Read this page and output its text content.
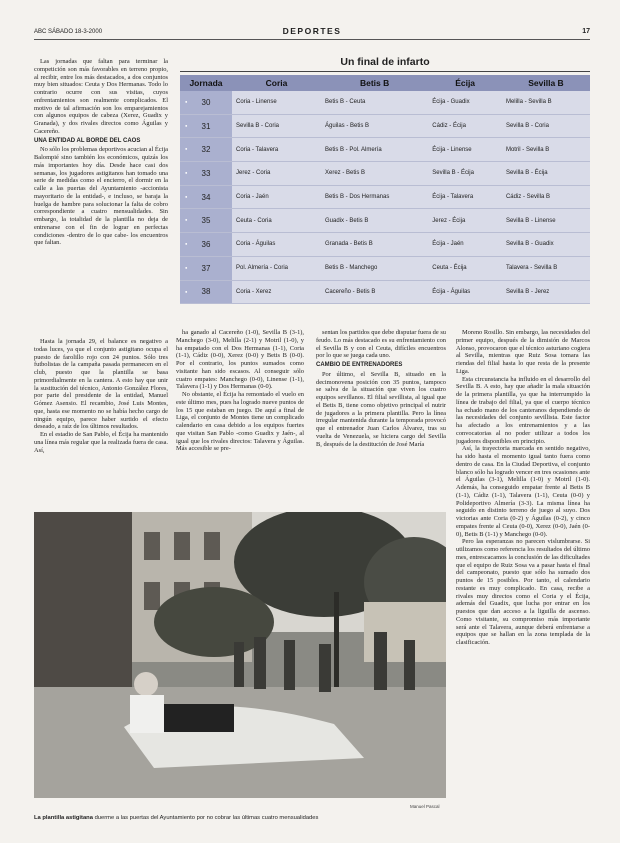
ABC SÁBADO 18-3-2000	DEPORTES	17

Las jornadas que faltan para terminar la competición son más favorables en terreno propio, al recibir, entre los más destacados, a dos conjuntos muy bien situados: Ceuta y Dos Hermanas. Todo lo contrario ocurre con sus visitas, cuyos enfrentamientos son realmente complicados. El motivo de tal afirmación son los emparejamientos con algunos equipos de cabeza (Xerez, Guadix y Granada), y dos rivales directos como Águilas y Cacereño.

UNA ENTIDAD AL BORDE DEL CAOS

No sólo los problemas deportivos acucian al Écija Balompié sino también los económicos, quizás los más importantes hoy día. Desde hace casi dos semanas, los jugadores astigitanos han tomado una serie de medidas como el encierro, el dormir en la calle a las puertas del Ayuntamiento -accionista mayoritario de la entidad-, e incluso, se baraja la huelga de hambre para solucionar la falta de cobro correspondiente a cuatro mensualidades. Sin embargo, la totalidad de la plantilla no deja de entrenarse con el fin de lograr en perfectas condiciones -dentro de lo que cabe- los encuentros que faltan.

Hasta la jornada 29, el balance es negativo a todas luces, ya que el conjunto astigitano ocupa el puesto de farolillo rojo con 24 puntos. Sólo tres futbolistas de la campaña pasada permanecen en el club, puesto que la plantilla se basa primordialmente en la cantera. A esto hay que unir la sustitución del técnico, Antonio González Flores, por parte del presidente de la entidad, Manuel Gómez Asensio. El recambio, José Luis Montes, que, hasta ese momento no se había hecho cargo de ningún equipo, parece haber surtido el efecto deseado, a raíz de los últimos resultados.

En el estadio de San Pablo, el Écija ha mantenido una línea más regular que la realizada fuera de casa. Así,

Un final de infarto
Jornada	Coria	Betis B	Écija	Sevilla B
● 30	Coria - Linense	Betis B - Ceuta	Écija - Guadix	Melilla - Sevilla B
● 31	Sevilla B - Coria	Águilas - Betis B	Cádiz - Écija	Sevilla B - Coria
● 32	Coria - Talavera	Betis B - Pol. Almería	Écija - Linense	Motril - Sevilla B
● 33	Jerez - Coria	Xerez - Betis B	Sevilla B - Écija	Sevilla B - Écija
● 34	Coria - Jaén	Betis B - Dos Hermanas	Écija - Talavera	Cádiz - Sevilla B
● 35	Ceuta - Coria	Guadix - Betis B	Jerez - Écija	Sevilla B - Linense
● 36	Coria - Águilas	Granada - Betis B	Écija - Jaén	Sevilla B - Guadix
● 37	Pol. Almería - Coria	Betis B - Manchego	Ceuta - Écija	Talavera - Sevilla B
● 38	Coria - Xerez	Cacereño - Betis B	Écija - Águilas	Sevilla B - Jerez

ha ganado al Cacereño (1-0), Sevilla B (3-1), Manchego (3-0), Melilla (2-1) y Motril (1-0), y ha empatado con el Dos Hermanas (1-1), Coria (1-1), Cádiz (0-0), Xerez (0-0) y Betis B (0-0). Por el contrario, los puntos sumados como visitante han sido escasos. Al conseguir sólo cuatro empates: Manchego (0-0), Linense (1-1), Talavera (1-1) y Dos Hermanas (0-0).

No obstante, el Écija ha remontado el vuelo en este último mes, pues ha logrado nueve puntos de los 15 que estaban en juego. De aquí a final de Liga, el conjunto de Montes tiene un complicado calendario en casa debido a los equipos fuertes que visitan San Pablo -como Guadix y Jaén-, al igual que los rivales directos: Talavera y Águilas. Más accesible se pre-

sentan los partidos que debe disputar fuera de su feudo. Lo más destacado es su enfrentamiento con el Sevilla B y con el Ceuta, difíciles encuentros por lo que se juega cada uno.

CAMBIO DE ENTRENADORES

Por último, el Sevilla B, situado en la decimonovena posición con 35 puntos, tampoco se salva de la situación que viven los cuatro equipos sevillanos. El filial sevillista, al igual que el Betis B, tiene como objetivo principal el nutrir de jugadores a la primera plantilla. Pero la línea irregular mantenida durante la temporada provocó que el entrenador Juan Carlos Álvarez, tras su vuelta de Venezuela, se hiciera cargo del Sevilla B, después de la destitución de José María

Moreno Rosillo. Sin embargo, las necesidades del primer equipo, después de la dimisión de Marcos Alonso, provocaron que el técnico asturiano cogiera al Sevilla, mientras que Ruiz Sosa tomara las riendas del filial hasta lo que resta de la presente Liga.

Esta circunstancia ha influido en el desarrollo del Sevilla B. A esto, hay que añadir la mala situación de la primera plantilla, ya que ha interrumpido la línea de trabajo del filial, ya que el cuerpo técnico ha echado mano de los canteranos dependiendo de las necesidades del conjunto sevillista. Este factor ha afectado a los entrenamientos y a las convocatorias al no poder utilizar a todos los jugadores disponibles en principio.

Así, la trayectoria marcada en sentido negativo, ha sido hasta el momento igual tanto fuera como dentro de casa. En la Ciudad Deportiva, el conjunto blanco sólo ha logrado vencer en tres ocasiones ante el Águilas (3-1), Melilla (1-0) y Motril (1-0). Además, ha conseguido empatar frente al Betis B (1-1), Cádiz (1-1), Talavera (1-1), Ceuta (0-0) y Polideportivo Almería (3-3). La misma línea ha seguido en distinto terreno de juego al suyo. Dos victorias ante Coria (0-2) y Águilas (0-2), y cinco empates frente al Ceuta (0-0), Xerez (0-0), Jaén (0-0), Betis B (1-1) y Manchego (0-0).

Pero las esperanzas no parecen vislumbrarse. Si utilizamos como referencia los resultados del último mes, entrescacamos la conclusión de las dificultades que el equipo de Ruiz Sosa va a pasar hasta el final del campeonato, puesto que sólo ha sumado dos puntos de 15 posibles. Por tanto, el calendario restante es muy complicado. En casa, recibe a rivales muy directos como el Coria y el Écija, además del Guadix, que lucha por entrar en los puestos que dan acceso a la liguilla de ascenso. Como visitante, su compromiso más importante será ante el Talavera, aunque deberá enfrentarse a equipos que se hallan en la zona templada de la clasificación.

Manuel Pascal
La plantilla astigitana duerme a las puertas del Ayuntamiento por no cobrar las últimas cuatro mensualidades
